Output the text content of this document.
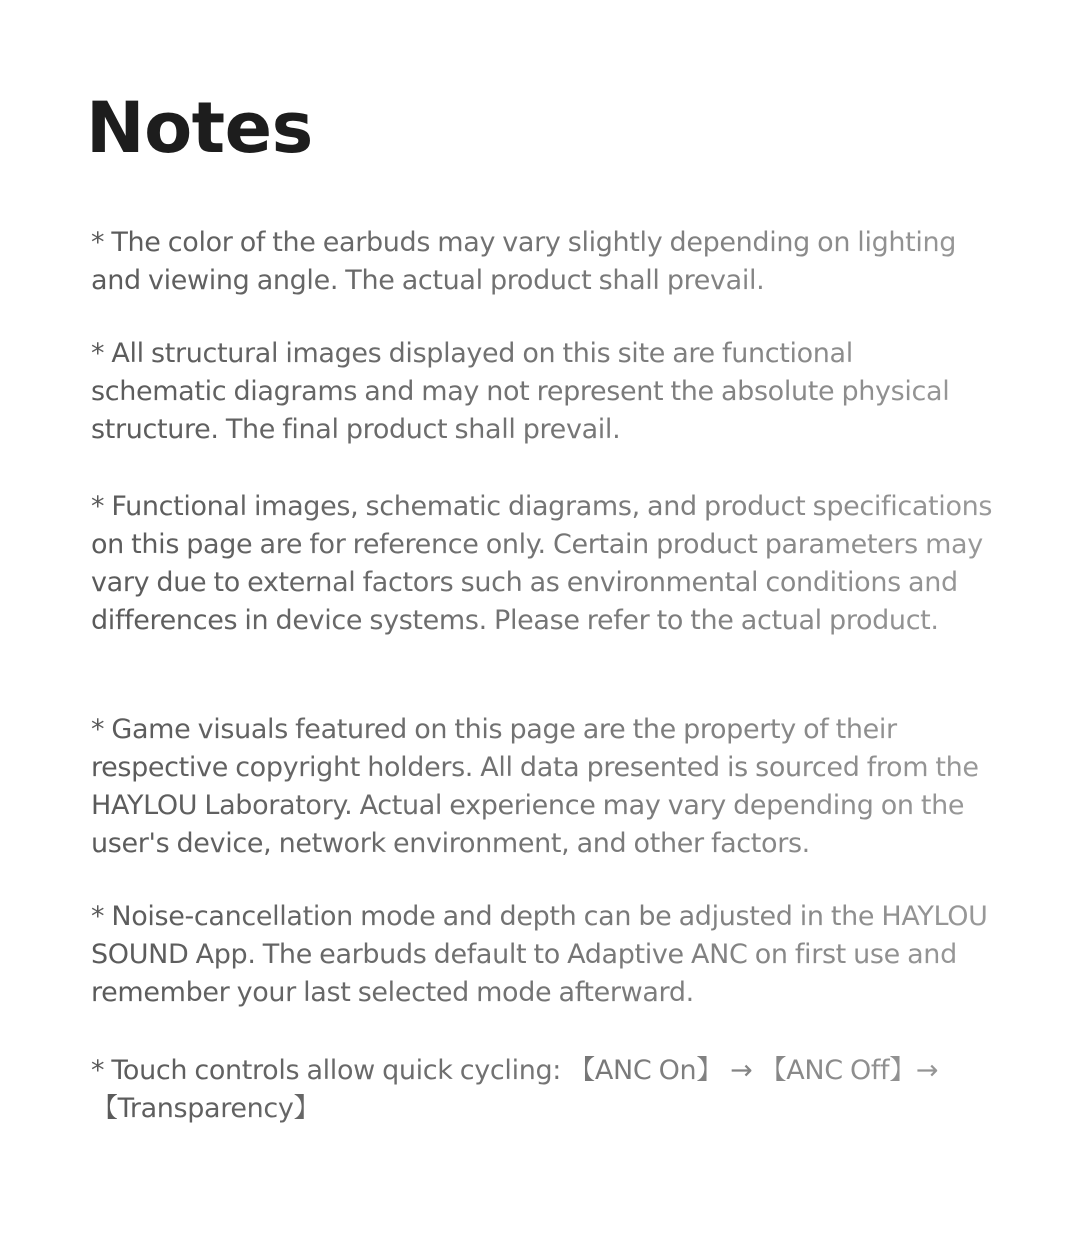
Notes

* The color of the earbuds may vary slightly depending on lighting and viewing angle. The actual product shall prevail.

* All structural images displayed on this site are functional schematic diagrams and may not represent the absolute physical structure. The final product shall prevail.

* Functional images, schematic diagrams, and product specifications on this page are for reference only. Certain product parameters may vary due to external factors such as environmental conditions and differences in device systems. Please refer to the actual product.

* Game visuals featured on this page are the property of their respective copyright holders. All data presented is sourced from the HAYLOU Laboratory. Actual experience may vary depending on the user's device, network environment, and other factors.

* Noise-cancellation mode and depth can be adjusted in the HAYLOU SOUND App. The earbuds default to Adaptive ANC on first use and remember your last selected mode afterward.

* Touch controls allow quick cycling: 【ANC On】 → 【ANC Off】→ 【Transparency】
